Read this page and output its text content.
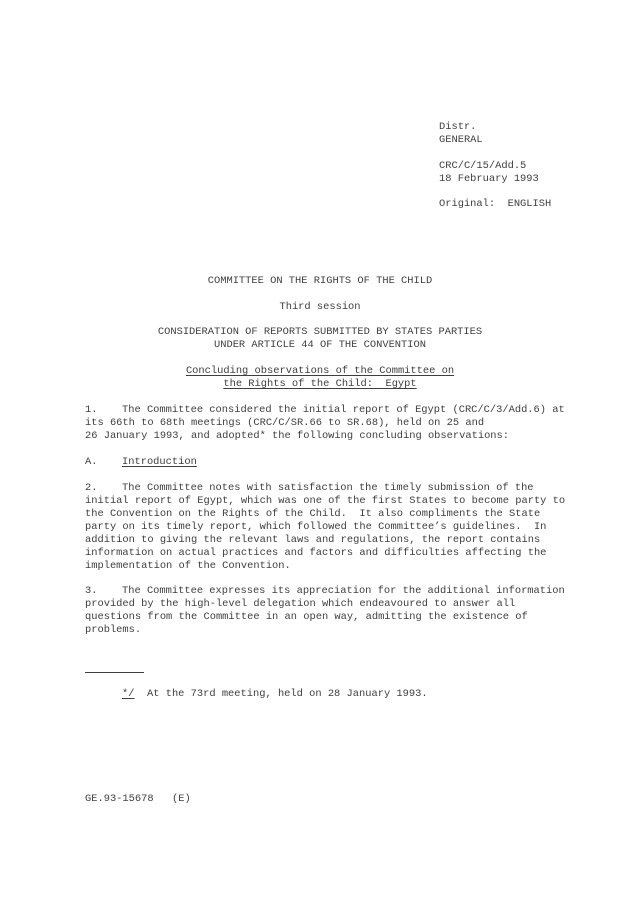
Distr.
GENERAL
CRC/C/15/Add.5
18 February 1993
Original:  ENGLISH
COMMITTEE ON THE RIGHTS OF THE CHILD
Third session
CONSIDERATION OF REPORTS SUBMITTED BY STATES PARTIES
UNDER ARTICLE 44 OF THE CONVENTION
Concluding observations of the Committee on
the Rights of the Child:  Egypt
1. The Committee considered the initial report of Egypt (CRC/C/3/Add.6) at
its 66th to 68th meetings (CRC/C/SR.66 to SR.68), held on 25 and
26 January 1993, and adopted* the following concluding observations:
A. Introduction
2. The Committee notes with satisfaction the timely submission of the
initial report of Egypt, which was one of the first States to become party to
the Convention on the Rights of the Child.  It also compliments the State
party on its timely report, which followed the Committee’s guidelines.  In
addition to giving the relevant laws and regulations, the report contains
information on actual practices and factors and difficulties affecting the
implementation of the Convention.
3. The Committee expresses its appreciation for the additional information
provided by the high-level delegation which endeavoured to answer all
questions from the Committee in an open way, admitting the existence of
problems.
*/ At the 73rd meeting, held on 28 January 1993.
GE.93-15678 (E)
